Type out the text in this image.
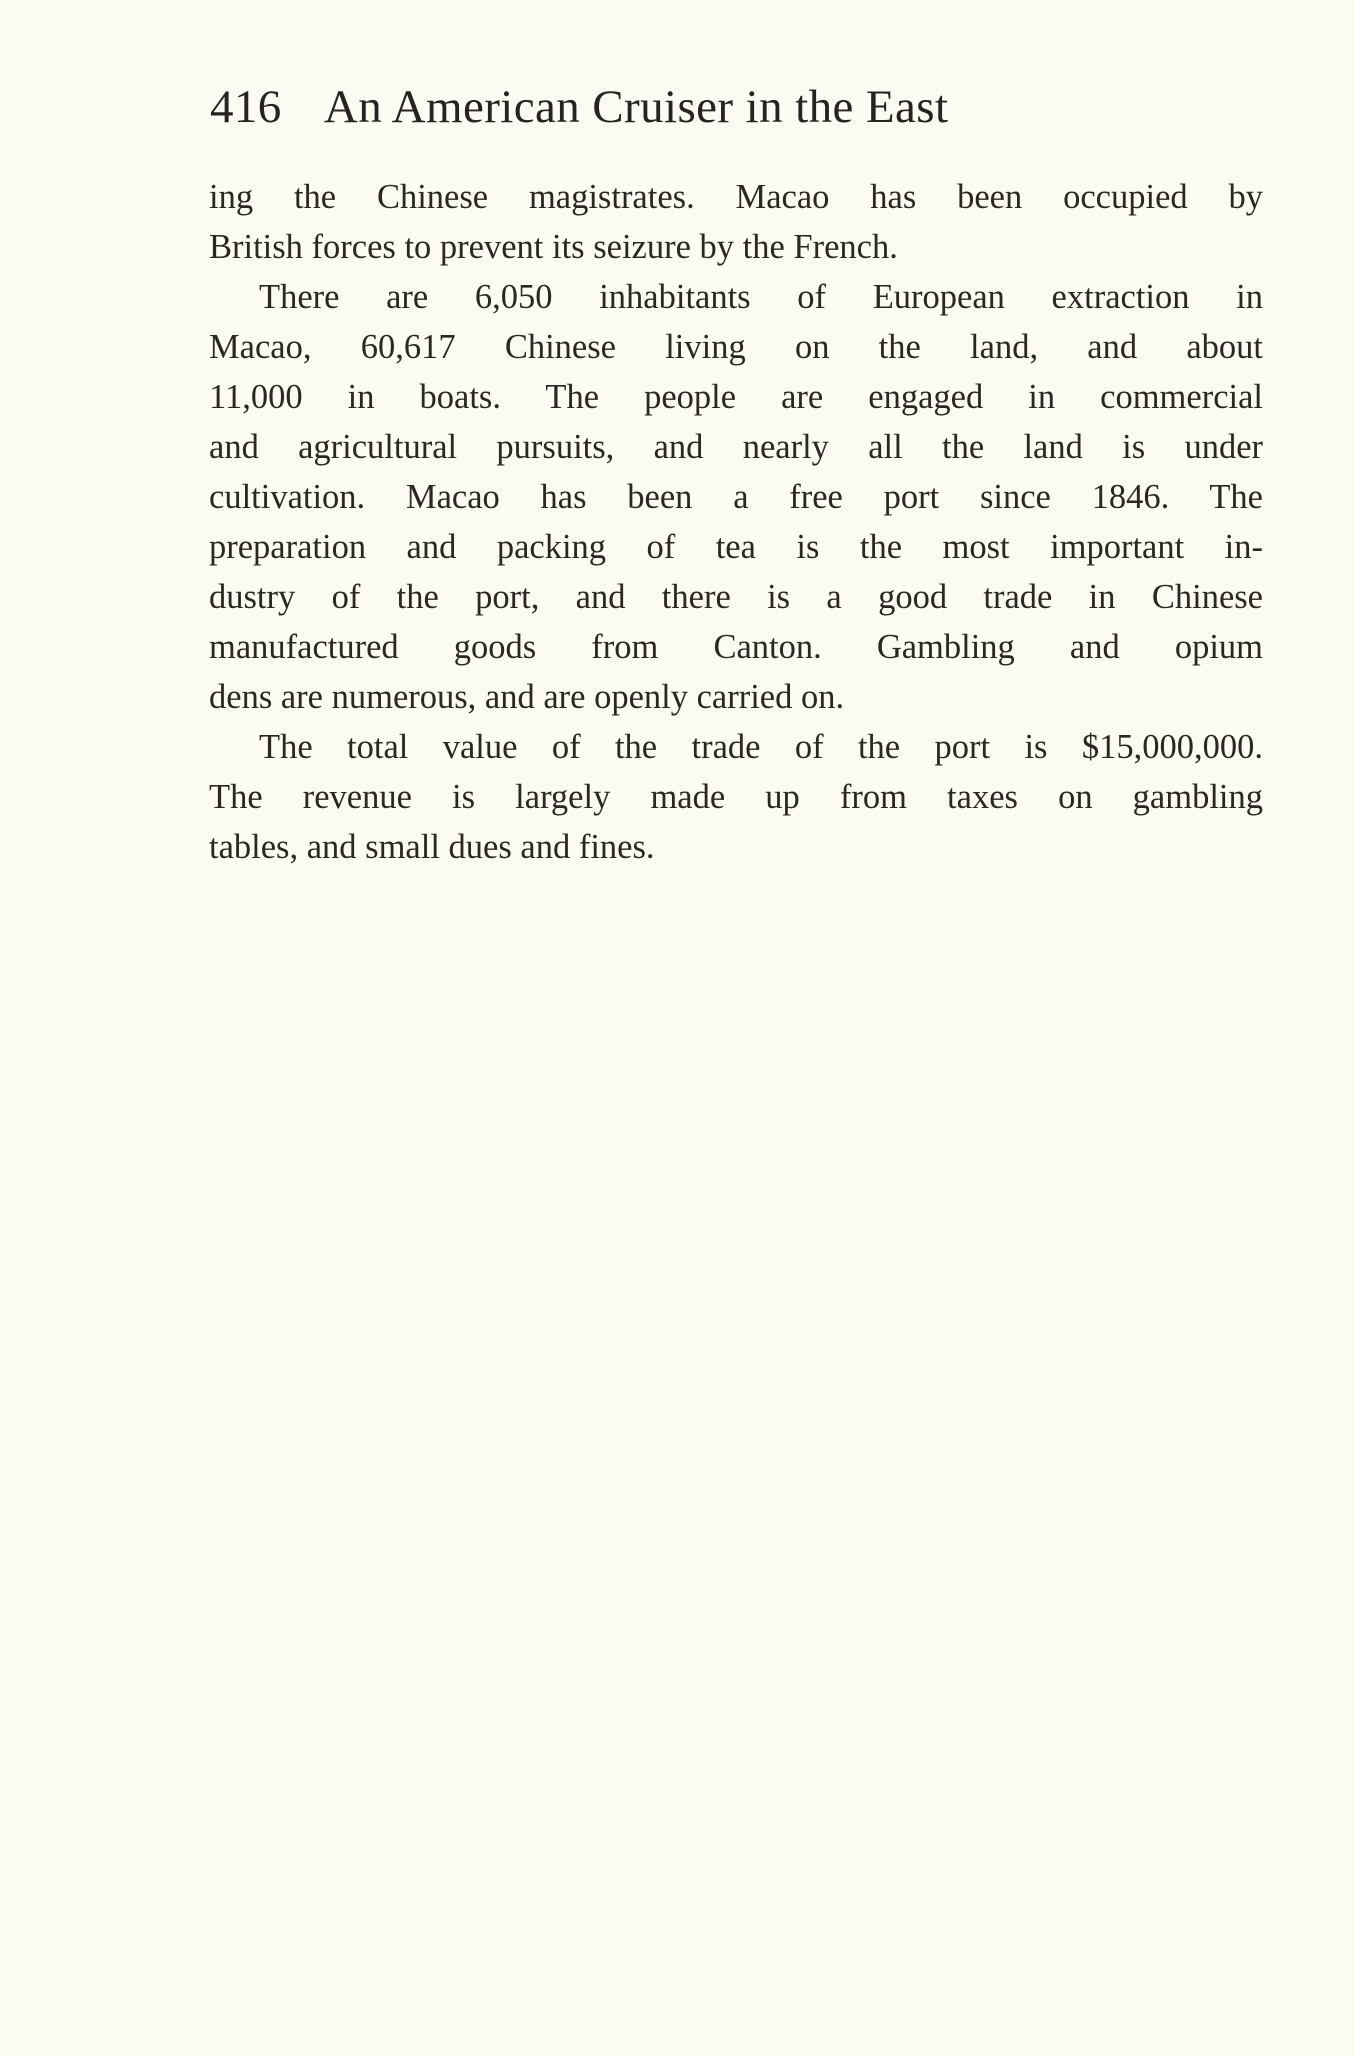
416 An American Cruiser in the East
ing the Chinese magistrates. Macao has been occupied by
British forces to prevent its seizure by the French.
There are 6,050 inhabitants of European extraction in
Macao, 60,617 Chinese living on the land, and about
11,000 in boats. The people are engaged in commercial
and agricultural pursuits, and nearly all the land is under
cultivation. Macao has been a free port since 1846. The
preparation and packing of tea is the most important in-
dustry of the port, and there is a good trade in Chinese
manufactured goods from Canton. Gambling and opium
dens are numerous, and are openly carried on.
The total value of the trade of the port is $15,000,000.
The revenue is largely made up from taxes on gambling
tables, and small dues and fines.
